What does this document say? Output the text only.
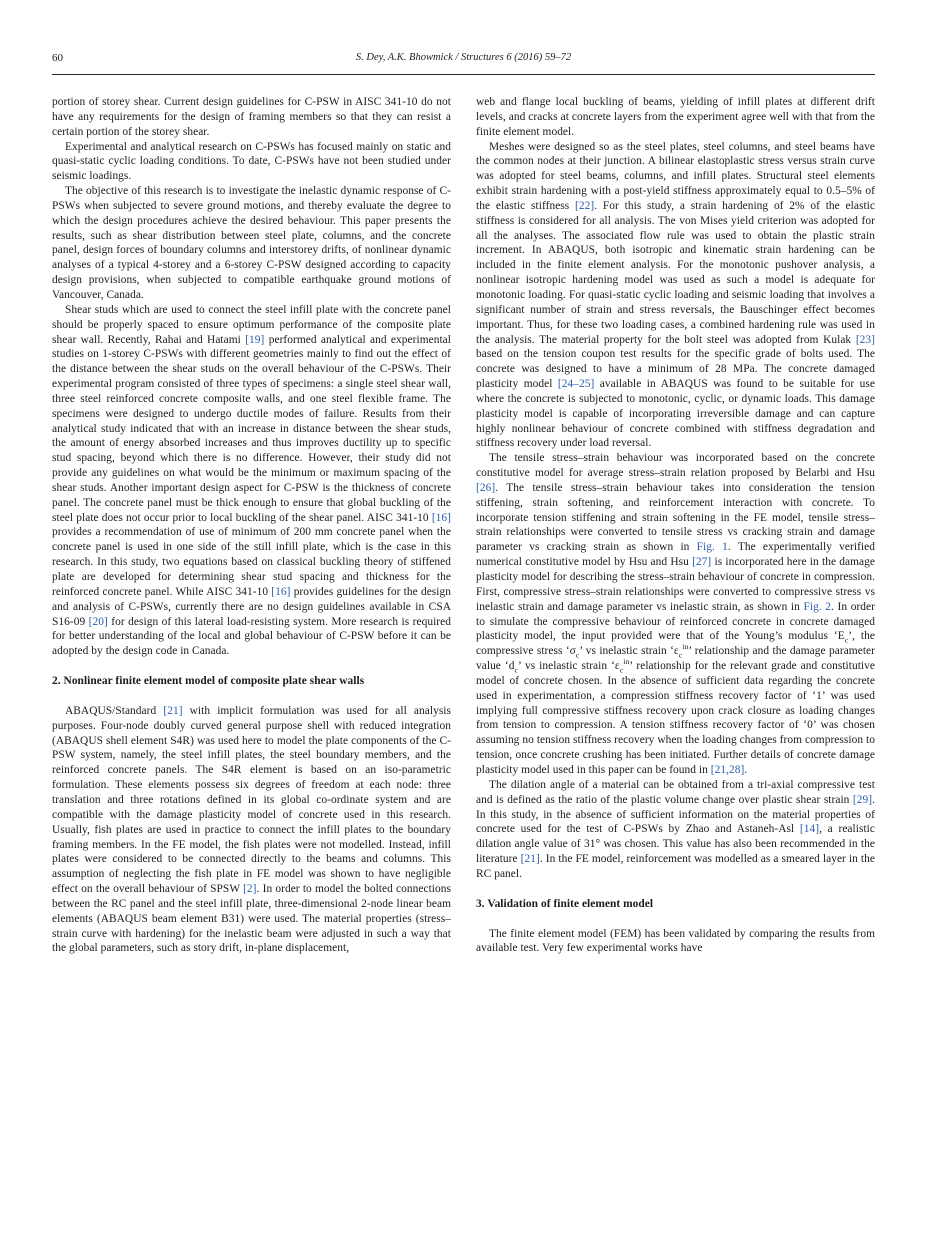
60	S. Dey, A.K. Bhowmick / Structures 6 (2016) 59–72

portion of storey shear. Current design guidelines for C-PSW in AISC 341-10 do not have any requirements for the design of framing members so that they can resist a certain portion of the storey shear.

Experimental and analytical research on C-PSWs has focused mainly on static and quasi-static cyclic loading conditions. To date, C-PSWs have not been studied under seismic loadings.

The objective of this research is to investigate the inelastic dynamic response of C-PSWs when subjected to severe ground motions, and thereby evaluate the degree to which the design procedures achieve the desired behaviour. This paper presents the results, such as shear distribution between steel plate, columns, and the concrete panel, design forces of boundary columns and interstorey drifts, of nonlinear dynamic analyses of a typical 4-storey and a 6-storey C-PSW designed according to capacity design provisions, when subjected to compatible earthquake ground motions of Vancouver, Canada.

Shear studs which are used to connect the steel infill plate with the concrete panel should be properly spaced to ensure optimum performance of the composite plate shear wall. Recently, Rahai and Hatami [19] performed analytical and experimental studies on 1-storey C-PSWs with different geometries mainly to find out the effect of the distance between the shear studs on the overall behaviour of the C-PSWs. Their experimental program consisted of three types of specimens: a single steel shear wall, three steel reinforced concrete composite walls, and one steel flexible frame. The specimens were designed to undergo ductile modes of failure. Results from their analytical study indicated that with an increase in distance between the shear studs, the amount of energy absorbed increases and thus improves ductility up to specific stud spacing, beyond which there is no difference. However, their study did not provide any guidelines on what would be the minimum or maximum spacing of the shear studs. Another important design aspect for C-PSW is the thickness of concrete panel. The concrete panel must be thick enough to ensure that global buckling of the steel plate does not occur prior to local buckling of the shear panel. AISC 341-10 [16] provides a recommendation of use of minimum of 200 mm concrete panel when the concrete panel is used in one side of the still infill plate, which is the case in this research. In this study, two equations based on classical buckling theory of stiffened plate are developed for determining shear stud spacing and thickness for the reinforced concrete panel. While AISC 341-10 [16] provides guidelines for the design and analysis of C-PSWs, currently there are no design guidelines available in CSA S16-09 [20] for design of this lateral load-resisting system. More research is required for better understanding of the local and global behaviour of C-PSW before it can be adopted by the design code in Canada.

2. Nonlinear finite element model of composite plate shear walls

ABAQUS/Standard [21] with implicit formulation was used for all analysis purposes. Four-node doubly curved general purpose shell with reduced integration (ABAQUS shell element S4R) was used here to model the plate components of the C-PSW system, namely, the steel infill plates, the steel boundary members, and the reinforced concrete panels. The S4R element is based on an iso-parametric formulation. These elements possess six degrees of freedom at each node: three translation and three rotations defined in its global co-ordinate system and are compatible with the damage plasticity model of concrete used in this research. Usually, fish plates are used in practice to connect the infill plates to the boundary framing members. In the FE model, the fish plates were not modelled. Instead, infill plates were considered to be connected directly to the beams and columns. This assumption of neglecting the fish plate in FE model was shown to have negligible effect on the overall behaviour of SPSW [2]. In order to model the bolted connections between the RC panel and the steel infill plate, three-dimensional 2-node linear beam elements (ABAQUS beam element B31) were used. The material properties (stress–strain curve with hardening) for the inelastic beam were adjusted in such a way that the global parameters, such as story drift, in-plane displacement,

web and flange local buckling of beams, yielding of infill plates at different drift levels, and cracks at concrete layers from the experiment agree well with that from the finite element model.

Meshes were designed so as the steel plates, steel columns, and steel beams have the common nodes at their junction. A bilinear elastoplastic stress versus strain curve was adopted for steel beams, columns, and infill plates. Structural steel elements exhibit strain hardening with a post-yield stiffness approximately equal to 0.5–5% of the elastic stiffness [22]. For this study, a strain hardening of 2% of the elastic stiffness is considered for all analysis. The von Mises yield criterion was adopted for all the analyses. The associated flow rule was used to obtain the plastic strain increment. In ABAQUS, both isotropic and kinematic strain hardening can be included in the finite element analysis. For the monotonic pushover analysis, a nonlinear isotropic hardening model was used as such a model is adequate for monotonic loading. For quasi-static cyclic loading and seismic loading that involves a significant number of strain and stress reversals, the Bauschinger effect becomes important. Thus, for these two loading cases, a combined hardening rule was used in the analysis. The material property for the bolt steel was adopted from Kulak [23] based on the tension coupon test results for the specific grade of bolts used. The concrete was designed to have a minimum of 28 MPa. The concrete damaged plasticity model [24–25] available in ABAQUS was found to be suitable for use where the concrete is subjected to monotonic, cyclic, or dynamic loads. This damage plasticity model is capable of incorporating irreversible damage and can capture highly nonlinear behaviour of concrete combined with stiffness degradation and stiffness recovery under load reversal.

The tensile stress–strain behaviour was incorporated based on the concrete constitutive model for average stress–strain relation proposed by Belarbi and Hsu [26]. The tensile stress–strain behaviour takes into consideration the tension stiffening, strain softening, and reinforcement interaction with concrete. To incorporate tension stiffening and strain softening in the FE model, tensile stress–strain relationships were converted to tensile stress vs cracking strain and damage parameter vs cracking strain as shown in Fig. 1. The experimentally verified numerical constitutive model by Hsu and Hsu [27] is incorporated here in the damage plasticity model for describing the stress–strain behaviour of concrete in compression. First, compressive stress–strain relationships were converted to compressive stress vs inelastic strain and damage parameter vs inelastic strain, as shown in Fig. 2. In order to simulate the compressive behaviour of reinforced concrete in concrete damaged plasticity model, the input provided were that of the Young’s modulus ‘$E_c$’, the compressive stress ‘$\sigma_c$’ vs inelastic strain ‘$\varepsilon_c^{in}$’ relationship and the damage parameter value ‘$d_c$’ vs inelastic strain ‘$\varepsilon_c^{in}$’ relationship for the relevant grade and constitutive model of concrete chosen. In the absence of sufficient data regarding the concrete used in experimentation, a compression stiffness recovery factor of ‘1’ was used implying full compressive stiffness recovery upon crack closure as loading changes from tension to compression. A tension stiffness recovery factor of ‘0’ was chosen assuming no tension stiffness recovery when the loading changes from compression to tension, once concrete crushing has been initiated. Further details of concrete damage plasticity model used in this paper can be found in [21,28].

The dilation angle of a material can be obtained from a tri-axial compressive test and is defined as the ratio of the plastic volume change over plastic shear strain [29]. In this study, in the absence of sufficient information on the material properties of concrete used for the test of C-PSWs by Zhao and Astaneh-Asl [14], a realistic dilation angle value of 31° was chosen. This value has also been recommended in the literature [21]. In the FE model, reinforcement was modelled as a smeared layer in the RC panel.

3. Validation of finite element model

The finite element model (FEM) has been validated by comparing the results from available test. Very few experimental works have
